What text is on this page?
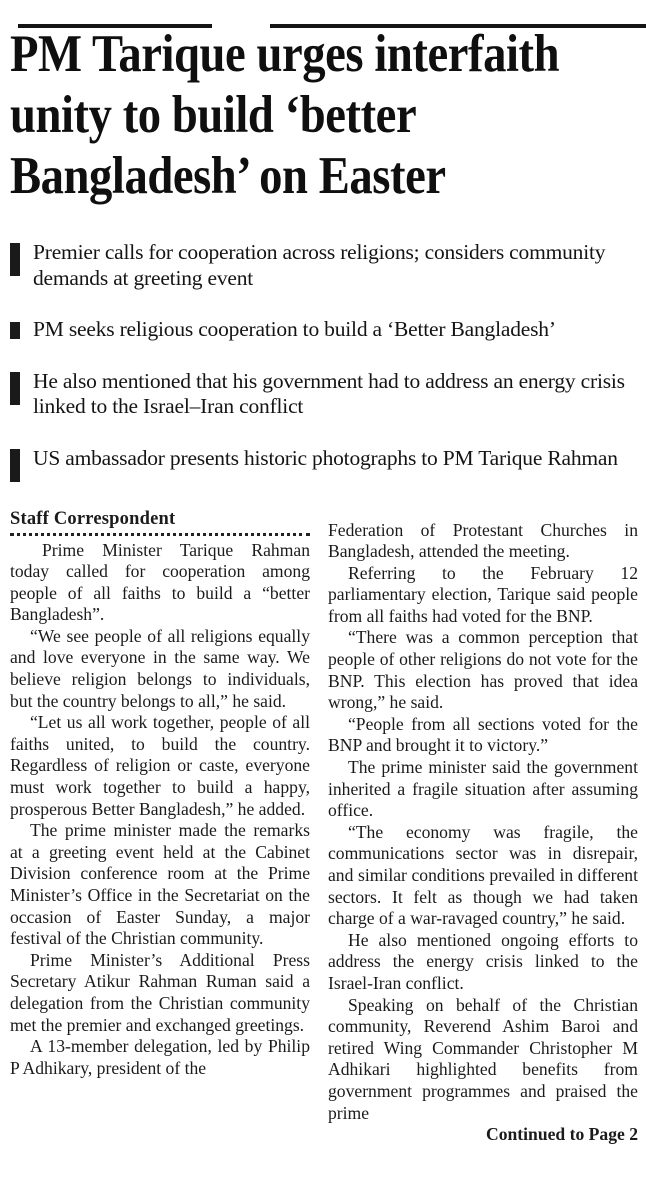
PM Tarique urges interfaith
unity to build ‘better
Bangladesh’ on Easter
Premier calls for cooperation across religions; considers community demands at greeting event
PM seeks religious cooperation to build a ‘Better Bangladesh’
He also mentioned that his government had to address an energy crisis linked to the Israel–Iran conflict
US ambassador presents historic photographs to PM Tarique Rahman
Staff Correspondent

Prime Minister Tarique Rahman today called for cooperation among people of all faiths to build a “better Bangladesh”.

“We see people of all religions equally and love everyone in the same way. We believe religion belongs to individuals, but the country belongs to all,” he said.

“Let us all work together, people of all faiths united, to build the country. Regardless of religion or caste, everyone must work together to build a happy, prosperous Better Bangladesh,” he added.

The prime minister made the remarks at a greeting event held at the Cabinet Division conference room at the Prime Minister’s Office in the Secretariat on the occasion of Easter Sunday, a major festival of the Christian community.

Prime Minister’s Additional Press Secretary Atikur Rahman Ruman said a delegation from the Christian community met the premier and exchanged greetings.

A 13-member delegation, led by Philip P Adhikary, president of the

Federation of Protestant Churches in Bangladesh, attended the meeting.

Referring to the February 12 parliamentary election, Tarique said people from all faiths had voted for the BNP.

“There was a common perception that people of other religions do not vote for the BNP. This election has proved that idea wrong,” he said.

“People from all sections voted for the BNP and brought it to victory.”

The prime minister said the government inherited a fragile situation after assuming office.

“The economy was fragile, the communications sector was in disrepair, and similar conditions prevailed in different sectors. It felt as though we had taken charge of a war-ravaged country,” he said.

He also mentioned ongoing efforts to address the energy crisis linked to the Israel-Iran conflict.

Speaking on behalf of the Christian community, Reverend Ashim Baroi and retired Wing Commander Christopher M Adhikari highlighted benefits from government programmes and praised the prime

Continued to Page 2
